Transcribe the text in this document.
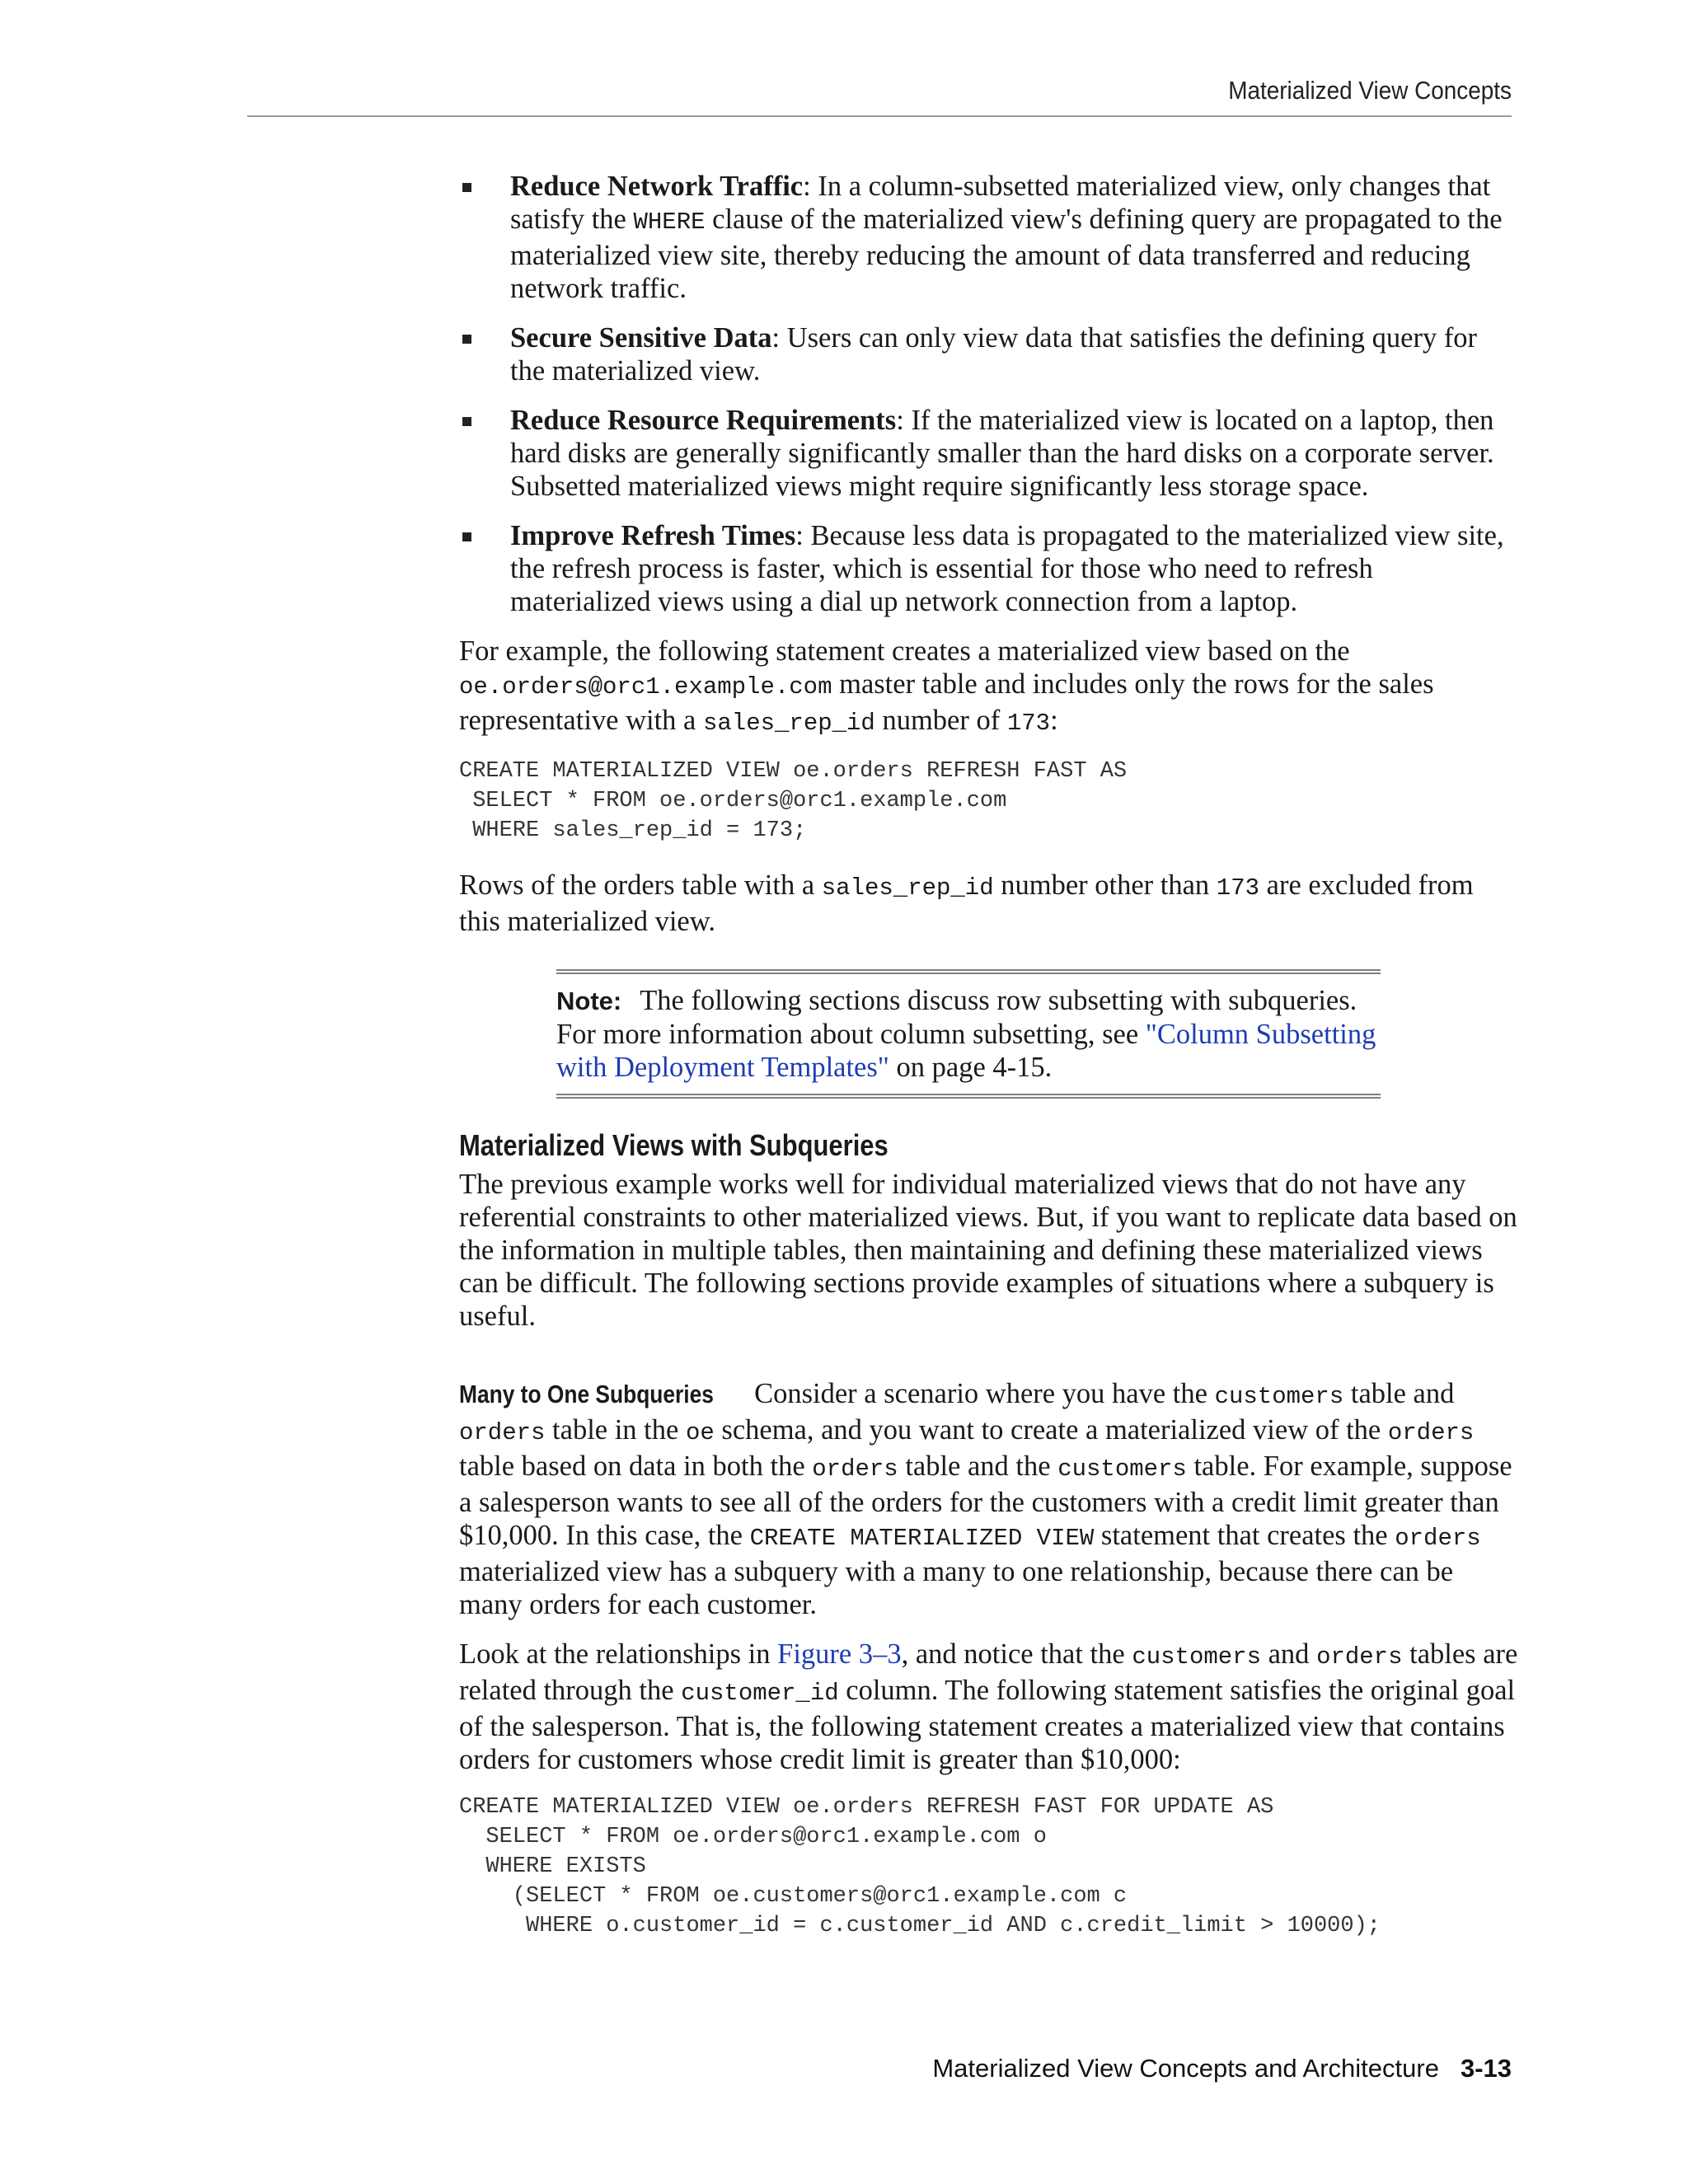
Materialized View Concepts
Reduce Network Traffic: In a column-subsetted materialized view, only changes that satisfy the WHERE clause of the materialized view's defining query are propagated to the materialized view site, thereby reducing the amount of data transferred and reducing network traffic.
Secure Sensitive Data: Users can only view data that satisfies the defining query for the materialized view.
Reduce Resource Requirements: If the materialized view is located on a laptop, then hard disks are generally significantly smaller than the hard disks on a corporate server. Subsetted materialized views might require significantly less storage space.
Improve Refresh Times: Because less data is propagated to the materialized view site, the refresh process is faster, which is essential for those who need to refresh materialized views using a dial up network connection from a laptop.

For example, the following statement creates a materialized view based on the oe.orders@orc1.example.com master table and includes only the rows for the sales representative with a sales_rep_id number of 173:

CREATE MATERIALIZED VIEW oe.orders REFRESH FAST AS
SELECT * FROM oe.orders@orc1.example.com
WHERE sales_rep_id = 173;

Rows of the orders table with a sales_rep_id number other than 173 are excluded from this materialized view.

Note: The following sections discuss row subsetting with subqueries. For more information about column subsetting, see "Column Subsetting with Deployment Templates" on page 4-15.
Materialized Views with Subqueries

The previous example works well for individual materialized views that do not have any referential constraints to other materialized views. But, if you want to replicate data based on the information in multiple tables, then maintaining and defining these materialized views can be difficult. The following sections provide examples of situations where a subquery is useful.

Many to One Subqueries Consider a scenario where you have the customers table and orders table in the oe schema, and you want to create a materialized view of the orders table based on data in both the orders table and the customers table. For example, suppose a salesperson wants to see all of the orders for the customers with a credit limit greater than $10,000. In this case, the CREATE MATERIALIZED VIEW statement that creates the orders materialized view has a subquery with a many to one relationship, because there can be many orders for each customer.

Look at the relationships in Figure 3–3, and notice that the customers and orders tables are related through the customer_id column. The following statement satisfies the original goal of the salesperson. That is, the following statement creates a materialized view that contains orders for customers whose credit limit is greater than $10,000:

CREATE MATERIALIZED VIEW oe.orders REFRESH FAST FOR UPDATE AS
SELECT * FROM oe.orders@orc1.example.com o
WHERE EXISTS
(SELECT * FROM oe.customers@orc1.example.com c
WHERE o.customer_id = c.customer_id AND c.credit_limit > 10000);
Materialized View Concepts and Architecture 3-13
